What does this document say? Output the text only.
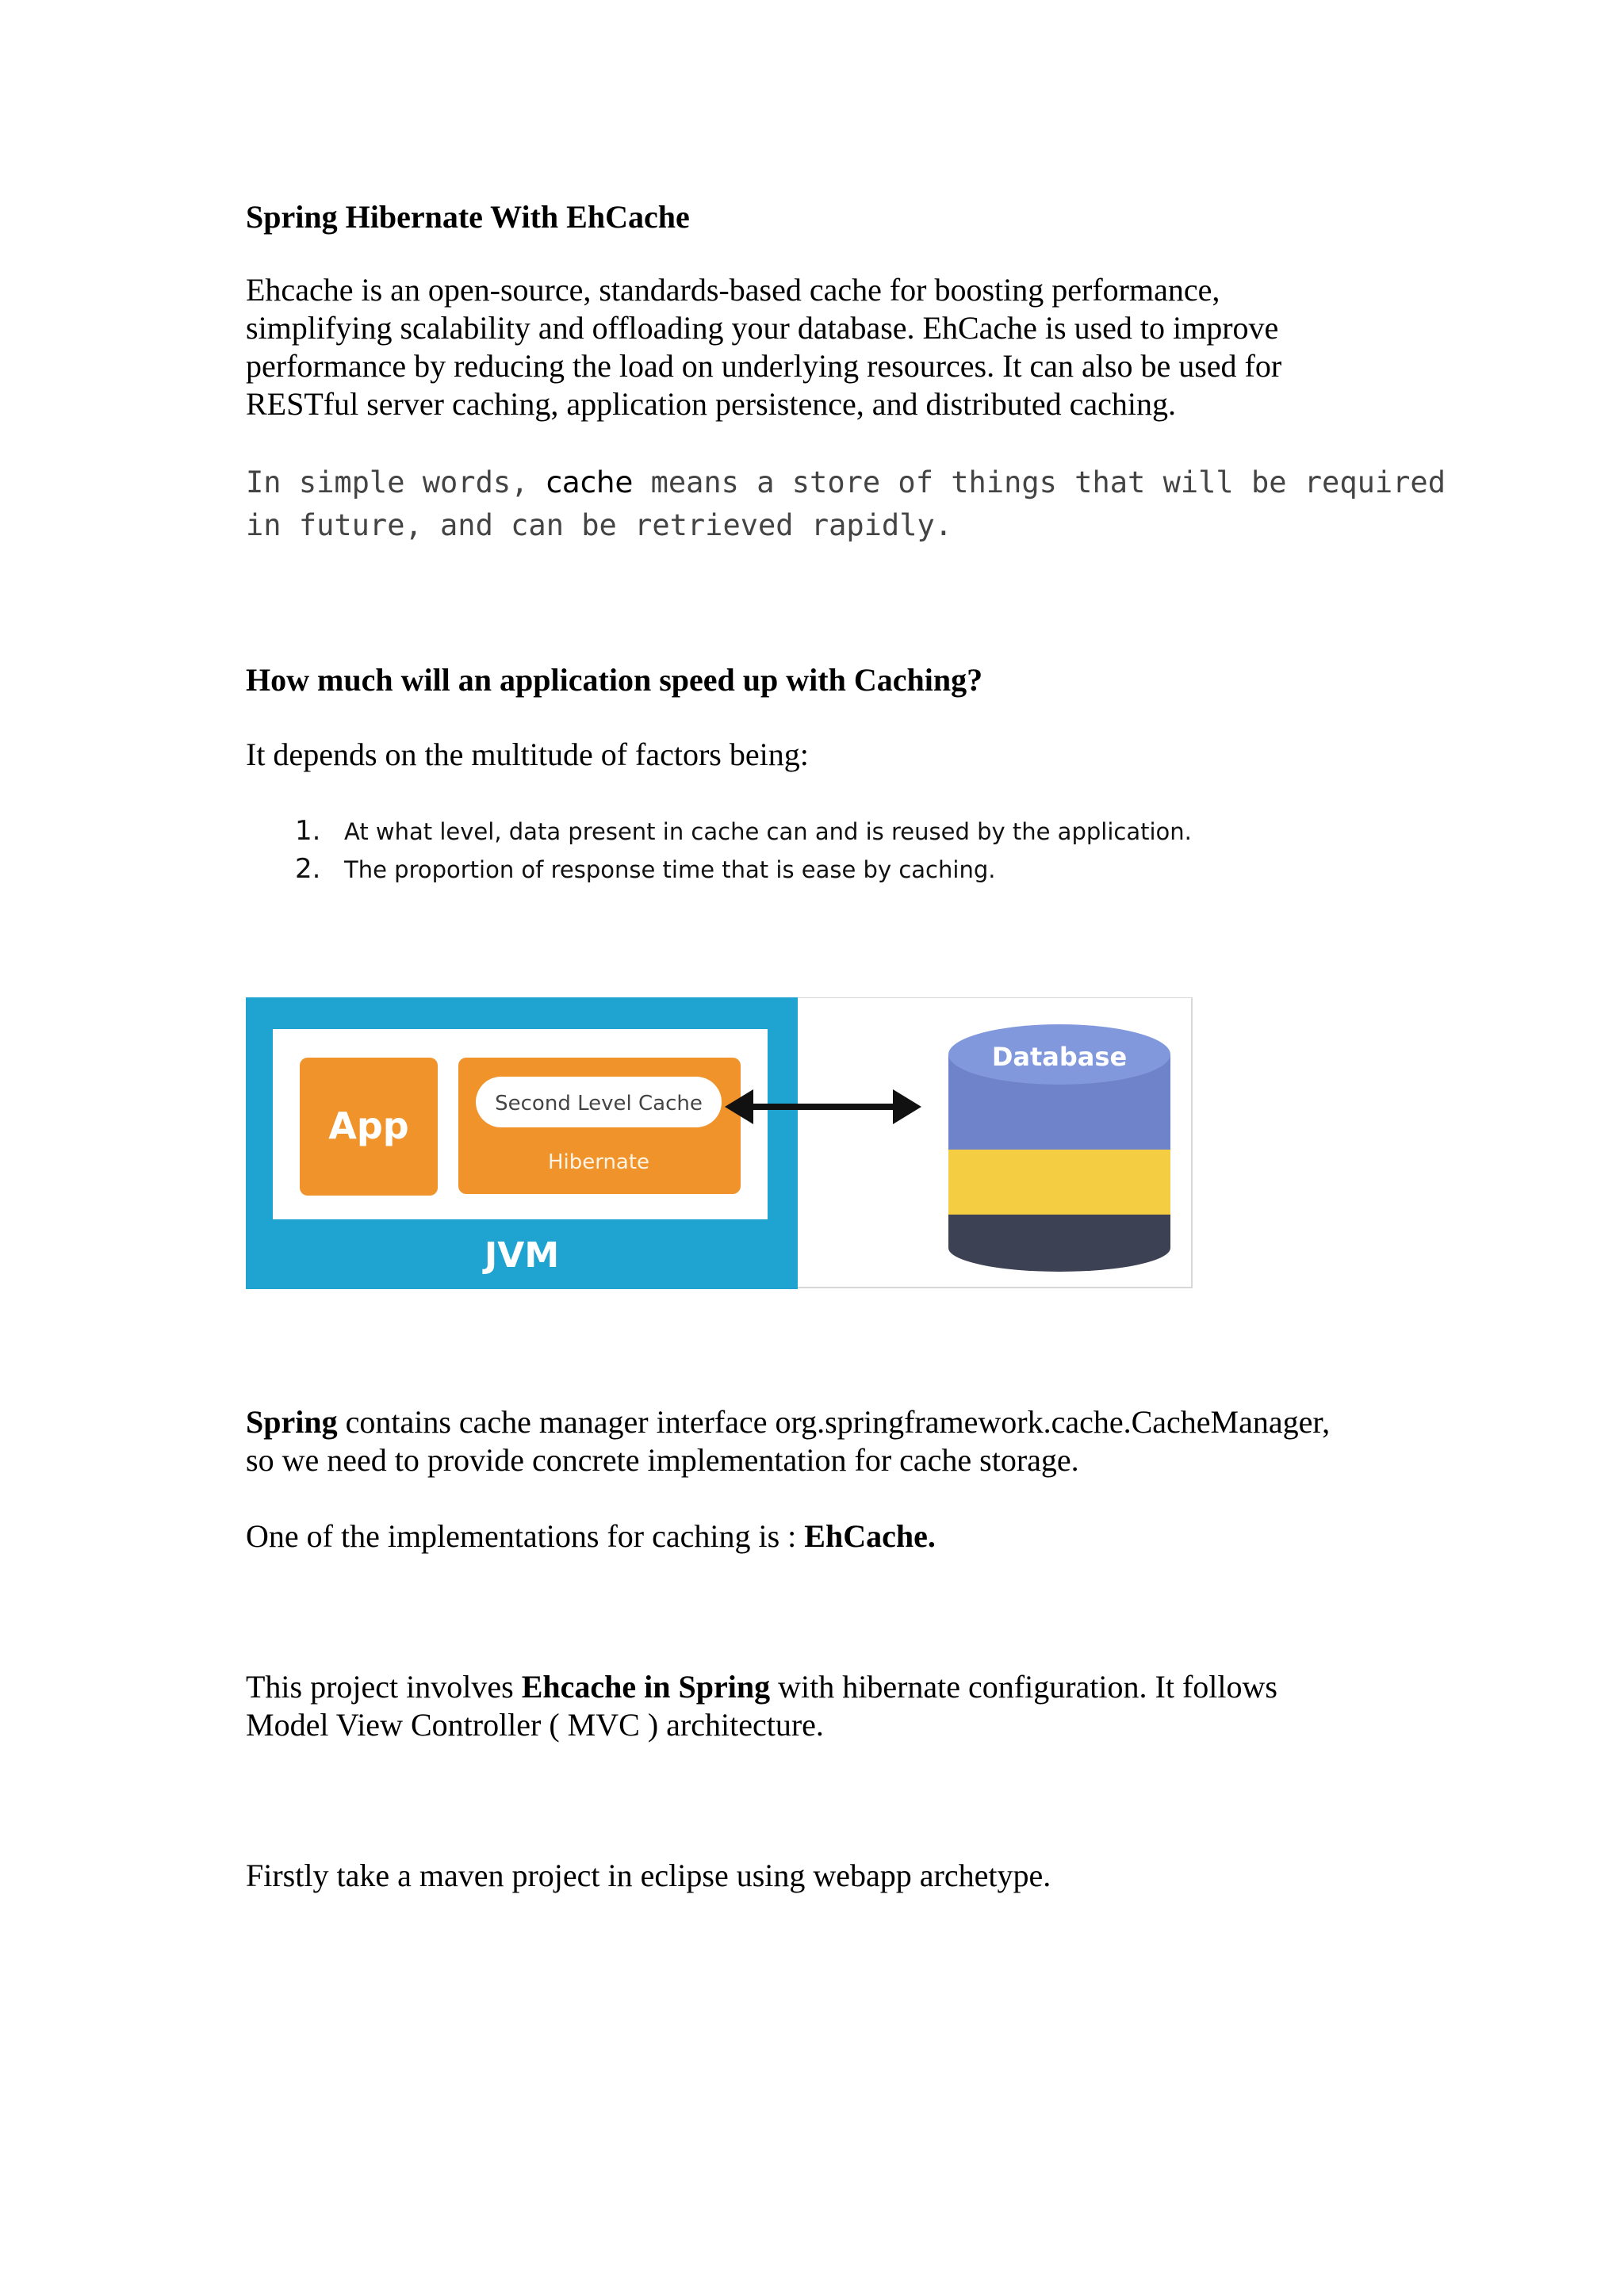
Spring Hibernate With EhCache

Ehcache is an open-source, standards-based cache for boosting performance,
simplifying scalability and offloading your database. EhCache is used to improve
performance by reducing the load on underlying resources. It can also be used for
RESTful server caching, application persistence, and distributed caching.
In simple words, cache means a store of things that will be required
in future, and can be retrieved rapidly.

How much will an application speed up with Caching?

It depends on the multitude of factors being:

1. At what level, data present in cache can and is reused by the application.
2. The proportion of response time that is ease by caching.
App
Second Level Cache
Hibernate
JVM
Database
Spring contains cache manager interface org.springframework.cache.CacheManager,
so we need to provide concrete implementation for cache storage.
One of the implementations for caching is : EhCache.
This project involves Ehcache in Spring with hibernate configuration. It follows
Model View Controller ( MVC ) architecture.

Firstly take a maven project in eclipse using webapp archetype.
